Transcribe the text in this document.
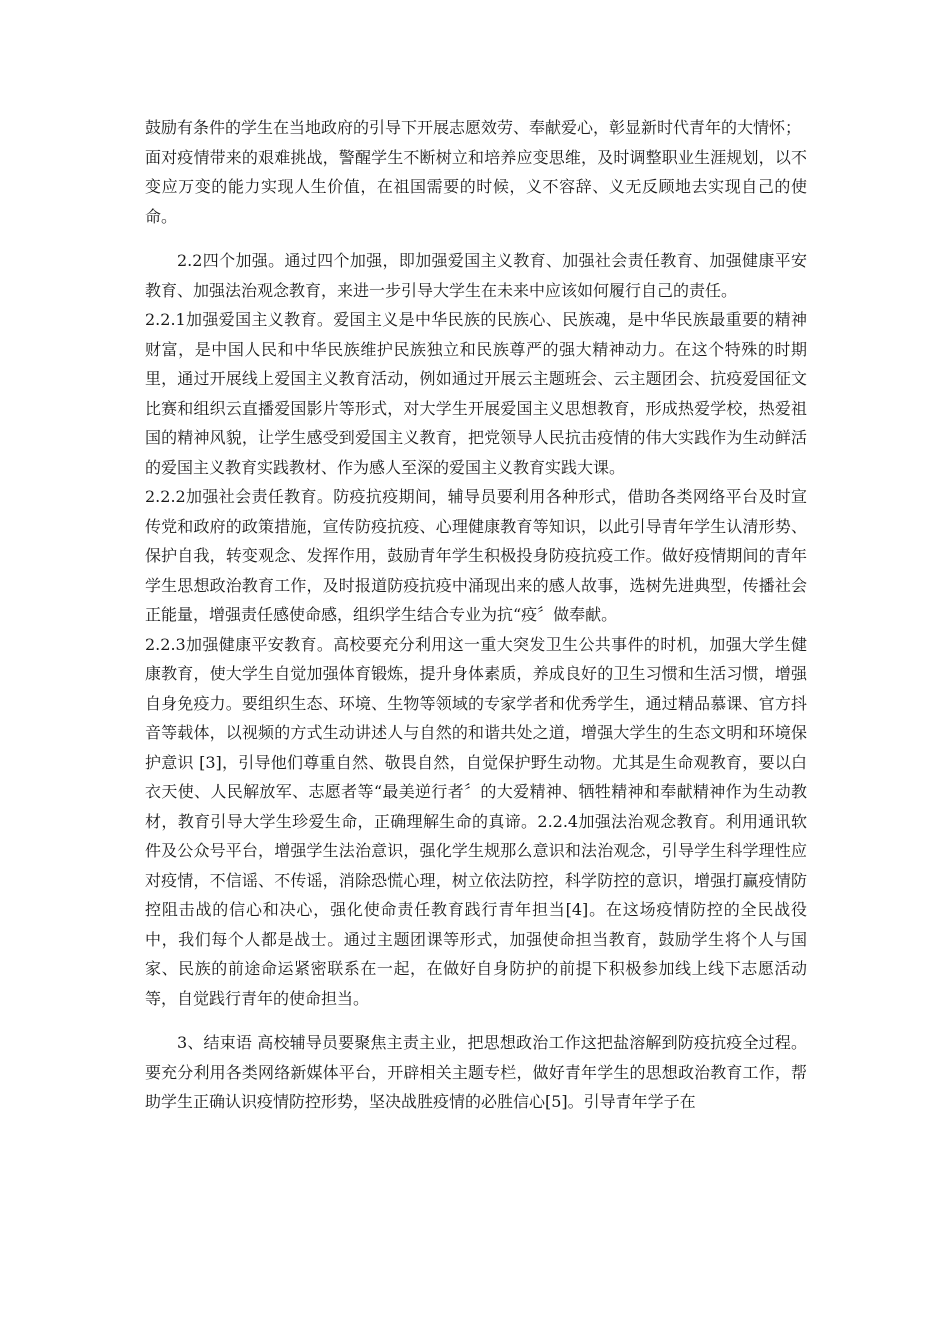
鼓励有条件的学生在当地政府的引导下开展志愿效劳、奉献爱心，彰显新时代青年的大情怀；

面对疫情带来的艰难挑战，警醒学生不断树立和培养应变思维，及时调整职业生涯规划，以不变应万变的能力实现人生价值，在祖国需要的时候，义不容辞、义无反顾地去实现自己的使命。

2.2四个加强。通过四个加强，即加强爱国主义教育、加强社会责任教育、加强健康平安教育、加强法治观念教育，来进一步引导大学生在未来中应该如何履行自己的责任。

2.2.1加强爱国主义教育。爱国主义是中华民族的民族心、民族魂，是中华民族最重要的精神财富，是中国人民和中华民族维护民族独立和民族尊严的强大精神动力。在这个特殊的时期里，通过开展线上爱国主义教育活动，例如通过开展云主题班会、云主题团会、抗疫爱国征文比赛和组织云直播爱国影片等形式，对大学生开展爱国主义思想教育，形成热爱学校，热爱祖国的精神风貌，让学生感受到爱国主义教育，把党领导人民抗击疫情的伟大实践作为生动鲜活的爱国主义教育实践教材、作为感人至深的爱国主义教育实践大课。

2.2.2加强社会责任教育。防疫抗疫期间，辅导员要利用各种形式，借助各类网络平台及时宣传党和政府的政策措施，宣传防疫抗疫、心理健康教育等知识，以此引导青年学生认清形势、保护自我，转变观念、发挥作用，鼓励青年学生积极投身防疫抗疫工作。做好疫情期间的青年学生思想政治教育工作，及时报道防疫抗疫中涌现出来的感人故事，选树先进典型，传播社会正能量，增强责任感使命感，组织学生结合专业为抗“疫〞做奉献。

2.2.3加强健康平安教育。高校要充分利用这一重大突发卫生公共事件的时机，加强大学生健康教育，使大学生自觉加强体育锻炼，提升身体素质，养成良好的卫生习惯和生活习惯，增强自身免疫力。要组织生态、环境、生物等领域的专家学者和优秀学生，通过精品慕课、官方抖音等载体，以视频的方式生动讲述人与自然的和谐共处之道，增强大学生的生态文明和环境保护意识 [3]，引导他们尊重自然、敬畏自然，自觉保护野生动物。尤其是生命观教育，要以白衣天使、人民解放军、志愿者等“最美逆行者〞的大爱精神、牺牲精神和奉献精神作为生动教材，教育引导大学生珍爱生命，正确理解生命的真谛。2.2.4加强法治观念教育。利用通讯软件及公众号平台，增强学生法治意识，强化学生规那么意识和法治观念，引导学生科学理性应对疫情，不信谣、不传谣，消除恐慌心理，树立依法防控，科学防控的意识，增强打赢疫情防控阻击战的信心和决心，强化使命责任教育践行青年担当[4]。在这场疫情防控的全民战役中，我们每个人都是战士。通过主题团课等形式，加强使命担当教育，鼓励学生将个人与国家、民族的前途命运紧密联系在一起，在做好自身防护的前提下积极参加线上线下志愿活动等，自觉践行青年的使命担当。

3、结束语 高校辅导员要聚焦主责主业，把思想政治工作这把盐溶解到防疫抗疫全过程。要充分利用各类网络新媒体平台，开辟相关主题专栏，做好青年学生的思想政治教育工作，帮助学生正确认识疫情防控形势，坚决战胜疫情的必胜信心[5]。引导青年学子在
